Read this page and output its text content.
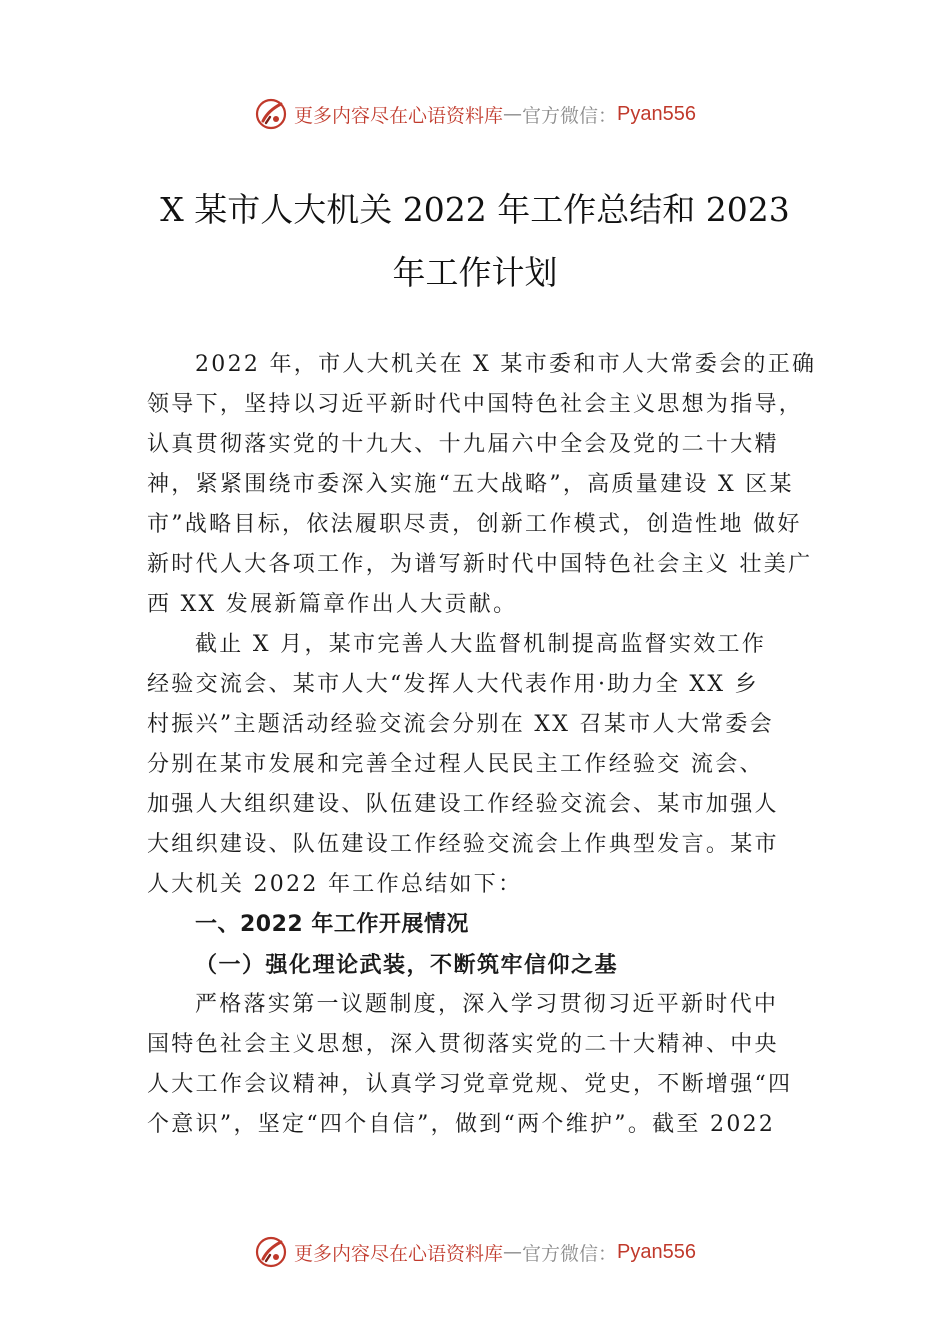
更多内容尽在心语资料库 — 官方微信： Pyan556
X 某市人大机关 2022 年工作总结和 2023
年工作计划
2022 年，市人大机关在 X 某市委和市人大常委会的正确
领导下，坚持以习近平新时代中国特色社会主义思想为指导，
认真贯彻落实党的十九大、十九届六中全会及党的二十大精
神，紧紧围绕市委深入实施“五大战略”，高质量建设 X 区某
市”战略目标，依法履职尽责，创新工作模式，创造性地 做好
新时代人大各项工作，为谱写新时代中国特色社会主义 壮美广
西 XX 发展新篇章作出人大贡献。
截止 X 月，某市完善人大监督机制提高监督实效工作
经验交流会、某市人大“发挥人大代表作用·助力全 XX 乡
村振兴”主题活动经验交流会分别在 XX 召某市人大常委会
分别在某市发展和完善全过程人民民主工作经验交 流会、
加强人大组织建设、队伍建设工作经验交流会、某市加强人
大组织建设、队伍建设工作经验交流会上作典型发言。某市
人大机关 2022 年工作总结如下：
一、2022 年工作开展情况
（一）强化理论武装，不断筑牢信仰之基
严格落实第一议题制度，深入学习贯彻习近平新时代中
国特色社会主义思想，深入贯彻落实党的二十大精神、中央
人大工作会议精神，认真学习党章党规、党史，不断增强“四
个意识”，坚定“四个自信”，做到“两个维护”。截至 2022
更多内容尽在心语资料库 — 官方微信： Pyan556
